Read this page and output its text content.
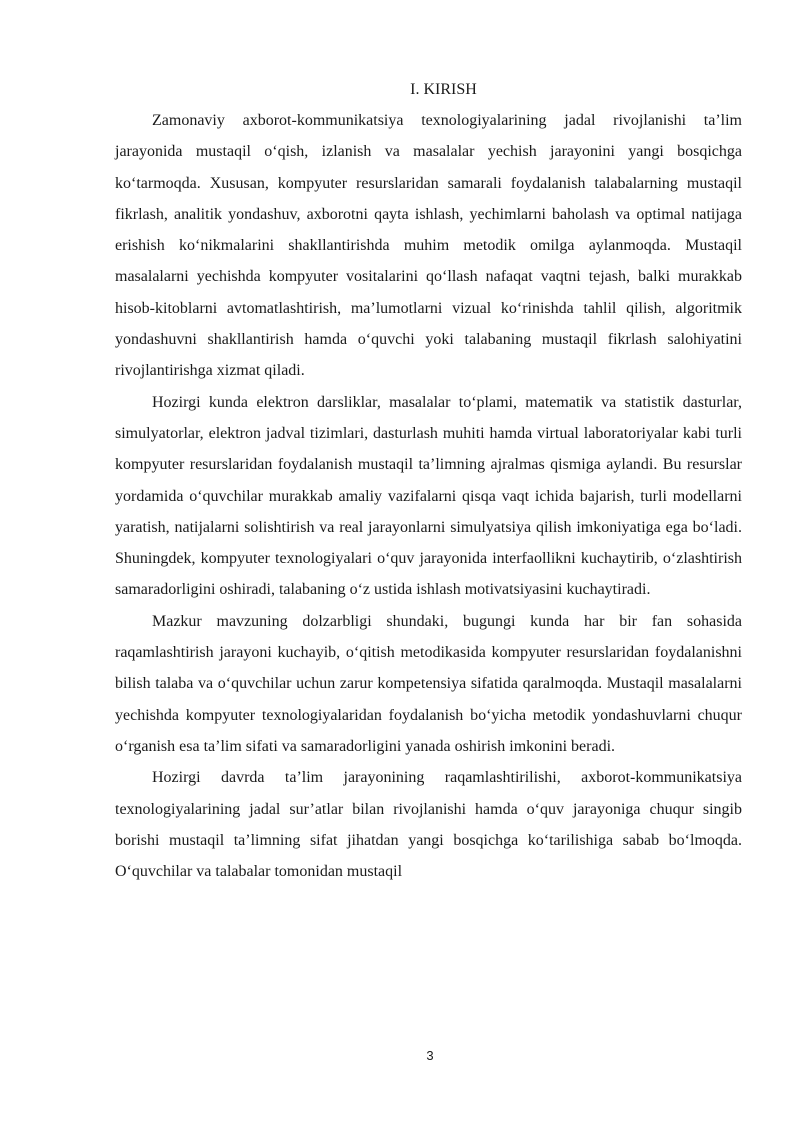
I. KIRISH

Zamonaviy axborot-kommunikatsiya texnologiyalarining jadal rivojlanishi ta’lim jarayonida mustaqil o‘qish, izlanish va masalalar yechish jarayonini yangi bosqichga ko‘tarmoqda. Xususan, kompyuter resurslaridan samarali foydalanish talabalarning mustaqil fikrlash, analitik yondashuv, axborotni qayta ishlash, yechimlarni baholash va optimal natijaga erishish ko‘nikmalarini shakllantirishda muhim metodik omilga aylanmoqda. Mustaqil masalalarni yechishda kompyuter vositalarini qo‘llash nafaqat vaqtni tejash, balki murakkab hisob-kitoblarni avtomatlashtirish, ma’lumotlarni vizual ko‘rinishda tahlil qilish, algoritmik yondashuvni shakllantirish hamda o‘quvchi yoki talabaning mustaqil fikrlash salohiyatini rivojlantirishga xizmat qiladi.

Hozirgi kunda elektron darsliklar, masalalar to‘plami, matematik va statistik dasturlar, simulyatorlar, elektron jadval tizimlari, dasturlash muhiti hamda virtual laboratoriyalar kabi turli kompyuter resurslaridan foydalanish mustaqil ta’limning ajralmas qismiga aylandi. Bu resurslar yordamida o‘quvchilar murakkab amaliy vazifalarni qisqa vaqt ichida bajarish, turli modellarni yaratish, natijalarni solishtirish va real jarayonlarni simulyatsiya qilish imkoniyatiga ega bo‘ladi. Shuningdek, kompyuter texnologiyalari o‘quv jarayonida interfaollikni kuchaytirib, o‘zlashtirish samaradorligini oshiradi, talabaning o‘z ustida ishlash motivatsiyasini kuchaytiradi.

Mazkur mavzuning dolzarbligi shundaki, bugungi kunda har bir fan sohasida raqamlashtirish jarayoni kuchayib, o‘qitish metodikasida kompyuter resurslaridan foydalanishni bilish talaba va o‘quvchilar uchun zarur kompetensiya sifatida qaralmoqda. Mustaqil masalalarni yechishda kompyuter texnologiyalaridan foydalanish bo‘yicha metodik yondashuvlarni chuqur o‘rganish esa ta’lim sifati va samaradorligini yanada oshirish imkonini beradi.

Hozirgi davrda ta’lim jarayonining raqamlashtirilishi, axborot-kommunikatsiya texnologiyalarining jadal sur’atlar bilan rivojlanishi hamda o‘quv jarayoniga chuqur singib borishi mustaqil ta’limning sifat jihatdan yangi bosqichga ko‘tarilishiga sabab bo‘lmoqda. O‘quvchilar va talabalar tomonidan mustaqil

3
